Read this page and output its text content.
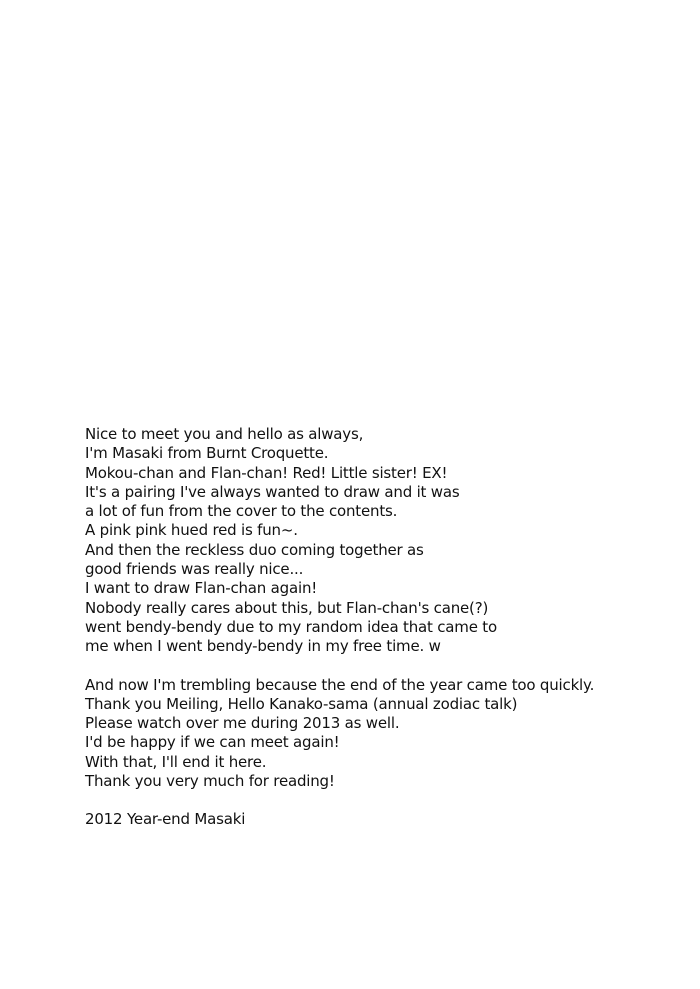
Nice to meet you and hello as always,
I'm Masaki from Burnt Croquette.
Mokou-chan and Flan-chan! Red! Little sister! EX!
It's a pairing I've always wanted to draw and it was
a lot of fun from the cover to the contents.
A pink pink hued red is fun~.
And then the reckless duo coming together as
good friends was really nice...
I want to draw Flan-chan again!
Nobody really cares about this, but Flan-chan's cane(?)
went bendy-bendy due to my random idea that came to
me when I went bendy-bendy in my free time. w
And now I'm trembling because the end of the year came too quickly.
Thank you Meiling, Hello Kanako-sama (annual zodiac talk)
Please watch over me during 2013 as well.
I'd be happy if we can meet again!
With that, I'll end it here.
Thank you very much for reading!
2012 Year-end Masaki
